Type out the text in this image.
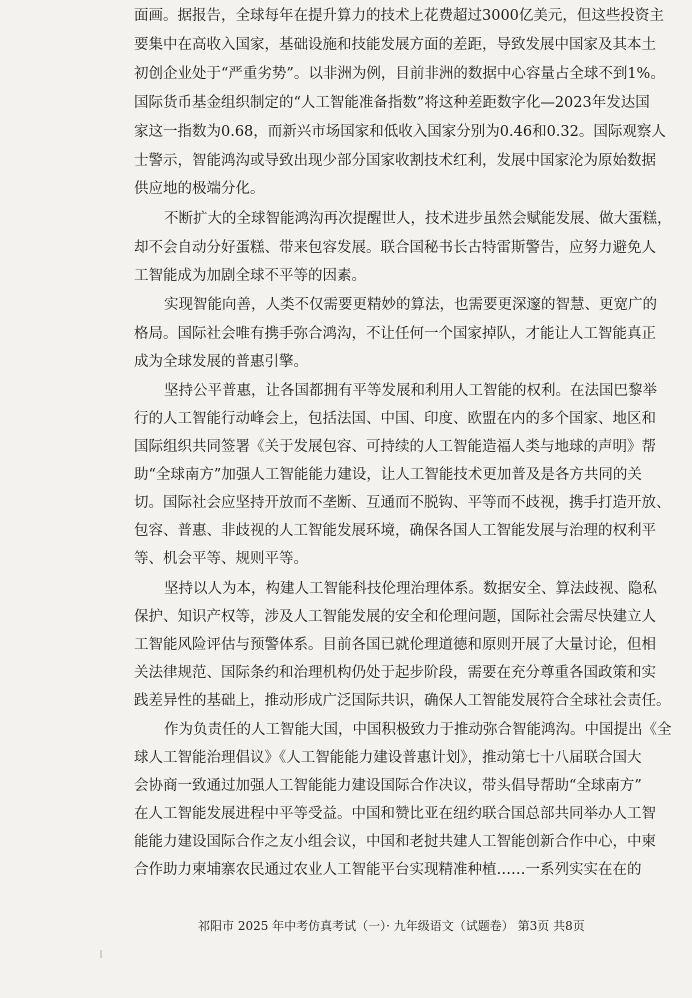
面画。据报告，全球每年在提升算力的技术上花费超过3000亿美元，但这些投资主
要集中在高收入国家，基础设施和技能发展方面的差距，导致发展中国家及其本土
初创企业处于“严重劣势”。以非洲为例，目前非洲的数据中心容量占全球不到1%。
国际货币基金组织制定的“人工智能准备指数”将这种差距数字化—2023年发达国
家这一指数为0.68，而新兴市场国家和低收入国家分别为0.46和0.32。国际观察人
士警示，智能鸿沟或导致出现少部分国家收割技术红利，发展中国家沦为原始数据
供应地的极端分化。
不断扩大的全球智能鸿沟再次提醒世人，技术进步虽然会赋能发展、做大蛋糕，
却不会自动分好蛋糕、带来包容发展。联合国秘书长古特雷斯警告，应努力避免人
工智能成为加剧全球不平等的因素。
实现智能向善，人类不仅需要更精妙的算法，也需要更深邃的智慧、更宽广的
格局。国际社会唯有携手弥合鸿沟，不让任何一个国家掉队，才能让人工智能真正
成为全球发展的普惠引擎。
坚持公平普惠，让各国都拥有平等发展和利用人工智能的权利。在法国巴黎举
行的人工智能行动峰会上，包括法国、中国、印度、欧盟在内的多个国家、地区和
国际组织共同签署《关于发展包容、可持续的人工智能造福人类与地球的声明》帮
助“全球南方”加强人工智能能力建设，让人工智能技术更加普及是各方共同的关
切。国际社会应坚持开放而不垄断、互通而不脱钩、平等而不歧视，携手打造开放、
包容、普惠、非歧视的人工智能发展环境，确保各国人工智能发展与治理的权利平
等、机会平等、规则平等。
坚持以人为本，构建人工智能科技伦理治理体系。数据安全、算法歧视、隐私
保护、知识产权等，涉及人工智能发展的安全和伦理问题，国际社会需尽快建立人
工智能风险评估与预警体系。目前各国已就伦理道德和原则开展了大量讨论，但相
关法律规范、国际条约和治理机构仍处于起步阶段，需要在充分尊重各国政策和实
践差异性的基础上，推动形成广泛国际共识，确保人工智能发展符合全球社会责任。
作为负责任的人工智能大国，中国积极致力于推动弥合智能鸿沟。中国提出《全
球人工智能治理倡议》《人工智能能力建设普惠计划》，推动第七十八届联合国大
会协商一致通过加强人工智能能力建设国际合作决议，带头倡导帮助“全球南方”
在人工智能发展进程中平等受益。中国和赞比亚在纽约联合国总部共同举办人工智
能能力建设国际合作之友小组会议，中国和老挝共建人工智能创新合作中心，中柬
合作助力柬埔寨农民通过农业人工智能平台实现精准种植……一系列实实在在的
祁阳市 2025 年中考仿真考试（一）· 九年级语文（试题卷） 第3页 共8页
